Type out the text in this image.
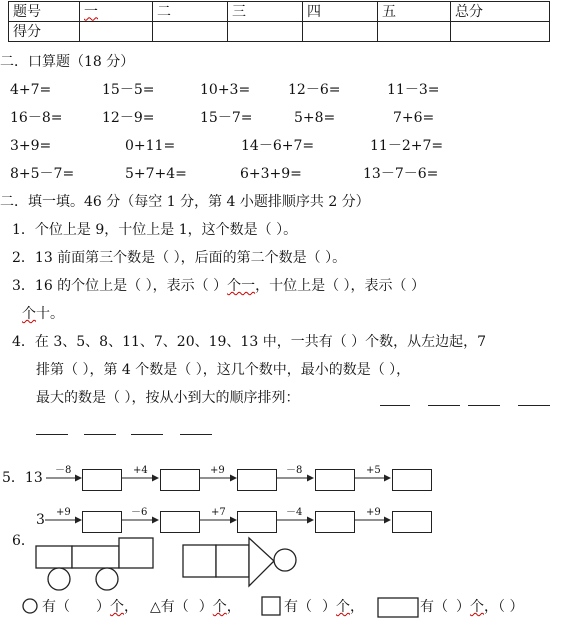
题号	一	二	三	四	五	总分
得分						
二．口算题（18 分）
4+7=	15－5=	10+3=	12－6=	11－3=
16－8=	12－9=	15－7=	5+8=	7+6=
3+9=	0+11=	14－6+7=	11－2+7=
8+5－7=	5+7+4=	6+3+9=	13－7－6=
二．填一填。46 分（每空 1 分，第 4 小题排顺序共 2 分）
1．个位上是 9，十位上是 1，这个数是（ ）。
2．13 前面第三个数是（ ），后面的第二个数是（ ）。
3．16 的个位上是（ ），表示（ ）个一，十位上是（ ），表示（ ）
个十。
4．在 3、5、8、11、7、20、19、13 中，一共有（ ）个数，从左边起，7
排第（ ），第 4 个数是（ ），这几个数中，最小的数是（ ），
最大的数是（ ），按从小到大的顺序排列：
5．13
3
－8	+4	+9	－8	+5
+9	－6	+7	－4	+9
6．
有（ ）个， △有（ ）个，	有（ ）个，	有（ ）个，（ ）
